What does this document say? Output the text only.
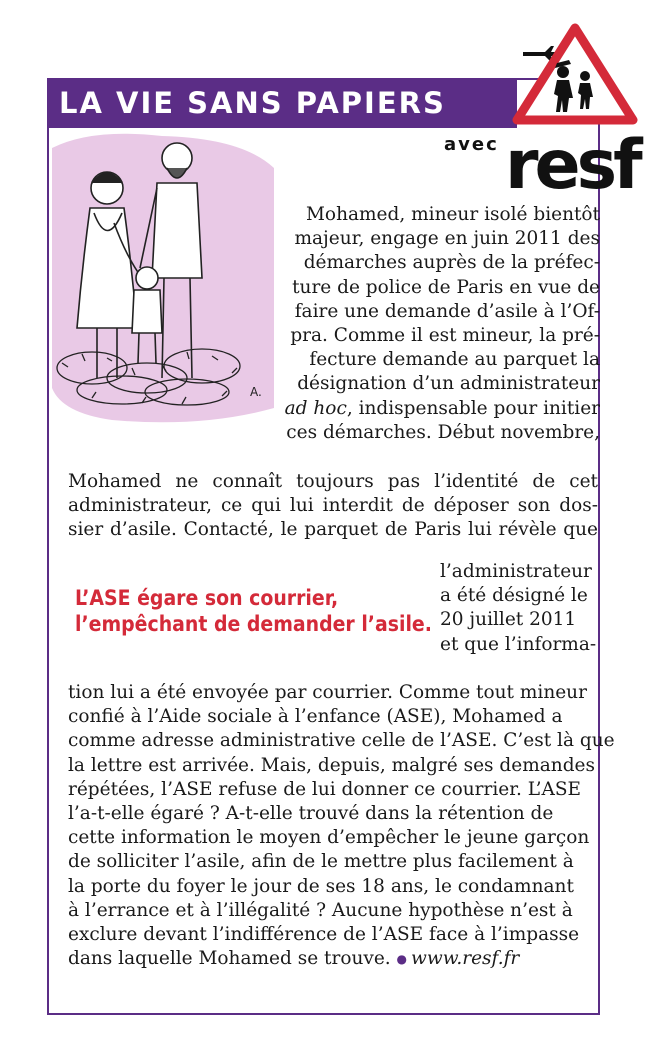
LA VIE SANS PAPIERS
avec resf
A.
Mohamed, mineur isolé bientôt
majeur, engage en juin 2011 des
démarches auprès de la préfec-
ture de police de Paris en vue de
faire une demande d’asile à l’Of-
pra. Comme il est mineur, la pré-
fecture demande au parquet la
désignation d’un administrateur
ad hoc, indispensable pour initier
ces démarches. Début novembre,
Mohamed ne connaît toujours pas l’identité de cet
administrateur, ce qui lui interdit de déposer son dos-
sier d’asile. Contacté, le parquet de Paris lui révèle que
L’ASE égare son courrier,
l’empêchant de demander l’asile.
l’administrateur
a été désigné le
20 juillet 2011
et que l’informa-
tion lui a été envoyée par courrier. Comme tout mineur
confié à l’Aide sociale à l’enfance (ASE), Mohamed a
comme adresse administrative celle de l’ASE. C’est là que
la lettre est arrivée. Mais, depuis, malgré ses demandes
répétées, l’ASE refuse de lui donner ce courrier. L’ASE
l’a-t-elle égaré ? A-t-elle trouvé dans la rétention de
cette information le moyen d’empêcher le jeune garçon
de solliciter l’asile, afin de le mettre plus facilement à
la porte du foyer le jour de ses 18 ans, le condamnant
à l’errance et à l’illégalité ? Aucune hypothèse n’est à
exclure devant l’indifférence de l’ASE face à l’impasse
dans laquelle Mohamed se trouve. ● www.resf.fr
